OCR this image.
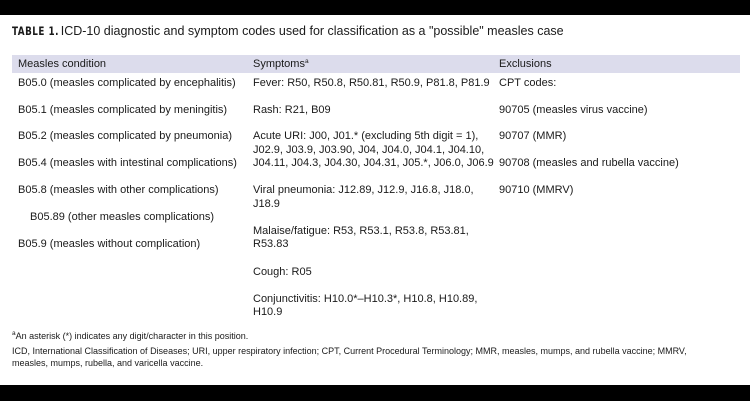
TABLE 1. ICD-10 diagnostic and symptom codes used for classification as a "possible" measles case
Measles condition	Symptoms$^a$	Exclusions
B05.0 (measles complicated by encephalitis)
B05.1 (measles complicated by meningitis)
B05.2 (measles complicated by pneumonia)
B05.4 (measles with intestinal complications)
B05.8 (measles with other complications)
B05.89 (other measles complications)
B05.9 (measles without complication)
Fever: R50, R50.8, R50.81, R50.9, P81.8, P81.9
Rash: R21, B09
Acute URI: J00, J01.* (excluding 5th digit = 1),
J02.9, J03.9, J03.90, J04, J04.0, J04.1, J04.10,
J04.11, J04.3, J04.30, J04.31, J05.*, J06.0, J06.9
Viral pneumonia: J12.89, J12.9, J16.8, J18.0,
J18.9
Malaise/fatigue: R53, R53.1, R53.8, R53.81,
R53.83
Cough: R05
Conjunctivitis: H10.0*–H10.3*, H10.8, H10.89,
H10.9
CPT codes:
90705 (measles virus vaccine)
90707 (MMR)
90708 (measles and rubella vaccine)
90710 (MMRV)
$^a$An asterisk (*) indicates any digit/character in this position.
ICD, International Classification of Diseases; URI, upper respiratory infection; CPT, Current Procedural Terminology; MMR, measles, mumps, and rubella vaccine; MMRV,
measles, mumps, rubella, and varicella vaccine.
